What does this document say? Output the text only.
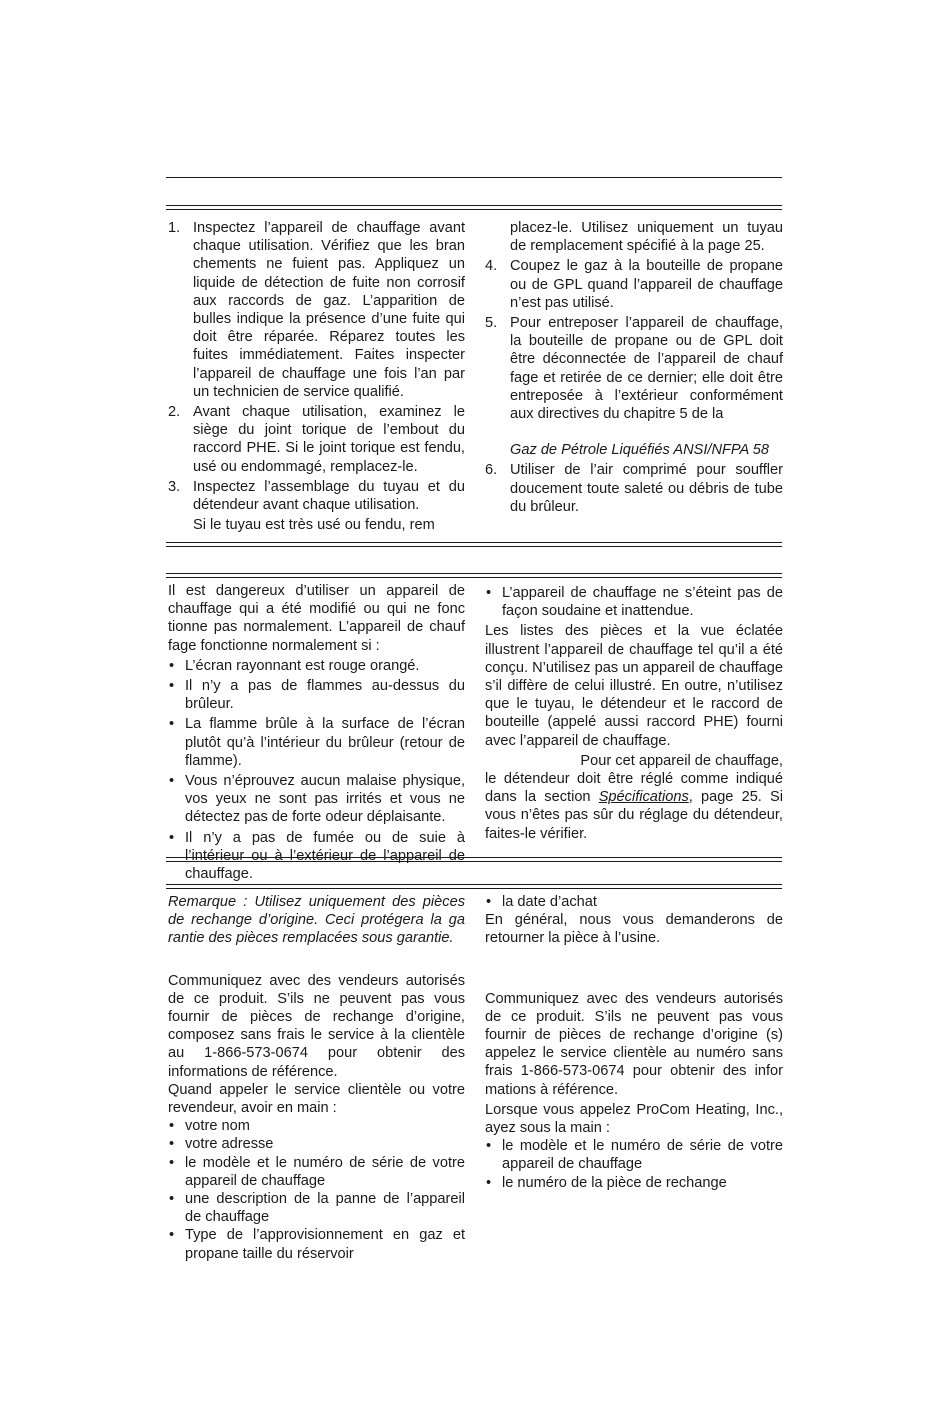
1. Inspectez l’appareil de chauffage avant chaque utilisation. Vérifiez que les bran chements ne fuient pas. Appliquez un liquide de détection de fuite non corrosif aux raccords de gaz. L’apparition de bulles indique la présence d’une fuite qui doit être réparée. Réparez toutes les fuites immédiatement. Faites inspecter l’appareil de chauffage une fois l’an par un technicien de service qualifié.
2. Avant chaque utilisation, examinez le siège du joint torique de l’embout du raccord PHE. Si le joint torique est fendu, usé ou endommagé, remplacez-le.
3. Inspectez l’assemblage du tuyau et du détendeur avant chaque utilisation.

Si le tuyau est très usé ou fendu, rem

placez-le. Utilisez uniquement un tuyau de remplacement spécifié à la page 25.

4. Coupez le gaz à la bouteille de propane ou de GPL quand l’appareil de chauffage n’est pas utilisé.
5. Pour entreposer l’appareil de chauffage, la bouteille de propane ou de GPL doit être déconnectée de l’appareil de chauf fage et retirée de ce dernier; elle doit être entreposée à l’extérieur conformément aux directives du chapitre 5 de la

Gaz de Pétrole Liquéfiés ANSI/NFPA 58

6. Utiliser de l’air comprimé pour souffler doucement toute saleté ou débris de tube du brûleur.

Il est dangereux d’utiliser un appareil de chauffage qui a été modifié ou qui ne fonc tionne pas normalement. L’appareil de chauf fage fonctionne normalement si :

• L’écran rayonnant est rouge orangé.
• Il n’y a pas de flammes au-dessus du brûleur.
• La flamme brûle à la surface de l’écran plutôt qu’à l’intérieur du brûleur (retour de flamme).
• Vous n’éprouvez aucun malaise physique, vos yeux ne sont pas irrités et vous ne détectez pas de forte odeur déplaisante.
• Il n’y a pas de fumée ou de suie à l’intérieur ou à l’extérieur de l’appareil de chauffage.
• L’appareil de chauffage ne s’éteint pas de façon soudaine et inattendue.

Les listes des pièces et la vue éclatée illustrent l’appareil de chauffage tel qu’il a été conçu. N’utilisez pas un appareil de chauffage s’il diffère de celui illustré. En outre, n’utilisez que le tuyau, le détendeur et le raccord de bouteille (appelé aussi raccord PHE) fourni avec l’appareil de chauffage.

Pour cet appareil de chauffage,
le détendeur doit être réglé comme indiqué dans la section Spécifications, page 25. Si vous n’êtes pas sûr du réglage du détendeur, faites-le vérifier.

Remarque : Utilisez uniquement des pièces de rechange d’origine. Ceci protégera la ga rantie des pièces remplacées sous garantie.

Communiquez avec des vendeurs autorisés de ce produit. S’ils ne peuvent pas vous fournir de pièces de rechange d’origine, composez sans frais le service à la clientèle au 1-866-573-0674 pour obtenir des informations de référence.

Quand appeler le service clientèle ou votre revendeur, avoir en main :

• votre nom
• votre adresse
• le modèle et le numéro de série de votre appareil de chauffage
• une description de la panne de l’appareil de chauffage
• Type de l’approvisionnement en gaz et propane taille du réservoir
• la date d’achat

En général, nous vous demanderons de retourner la pièce à l’usine.

Communiquez avec des vendeurs autorisés de ce produit. S’ils ne peuvent pas vous fournir de pièces de rechange d’origine (s) appelez le service clientèle au numéro sans frais 1-866-573-0674 pour obtenir des infor mations à référence.

Lorsque vous appelez ProCom Heating, Inc., ayez sous la main :

• le modèle et le numéro de série de votre appareil de chauffage
• le numéro de la pièce de rechange
